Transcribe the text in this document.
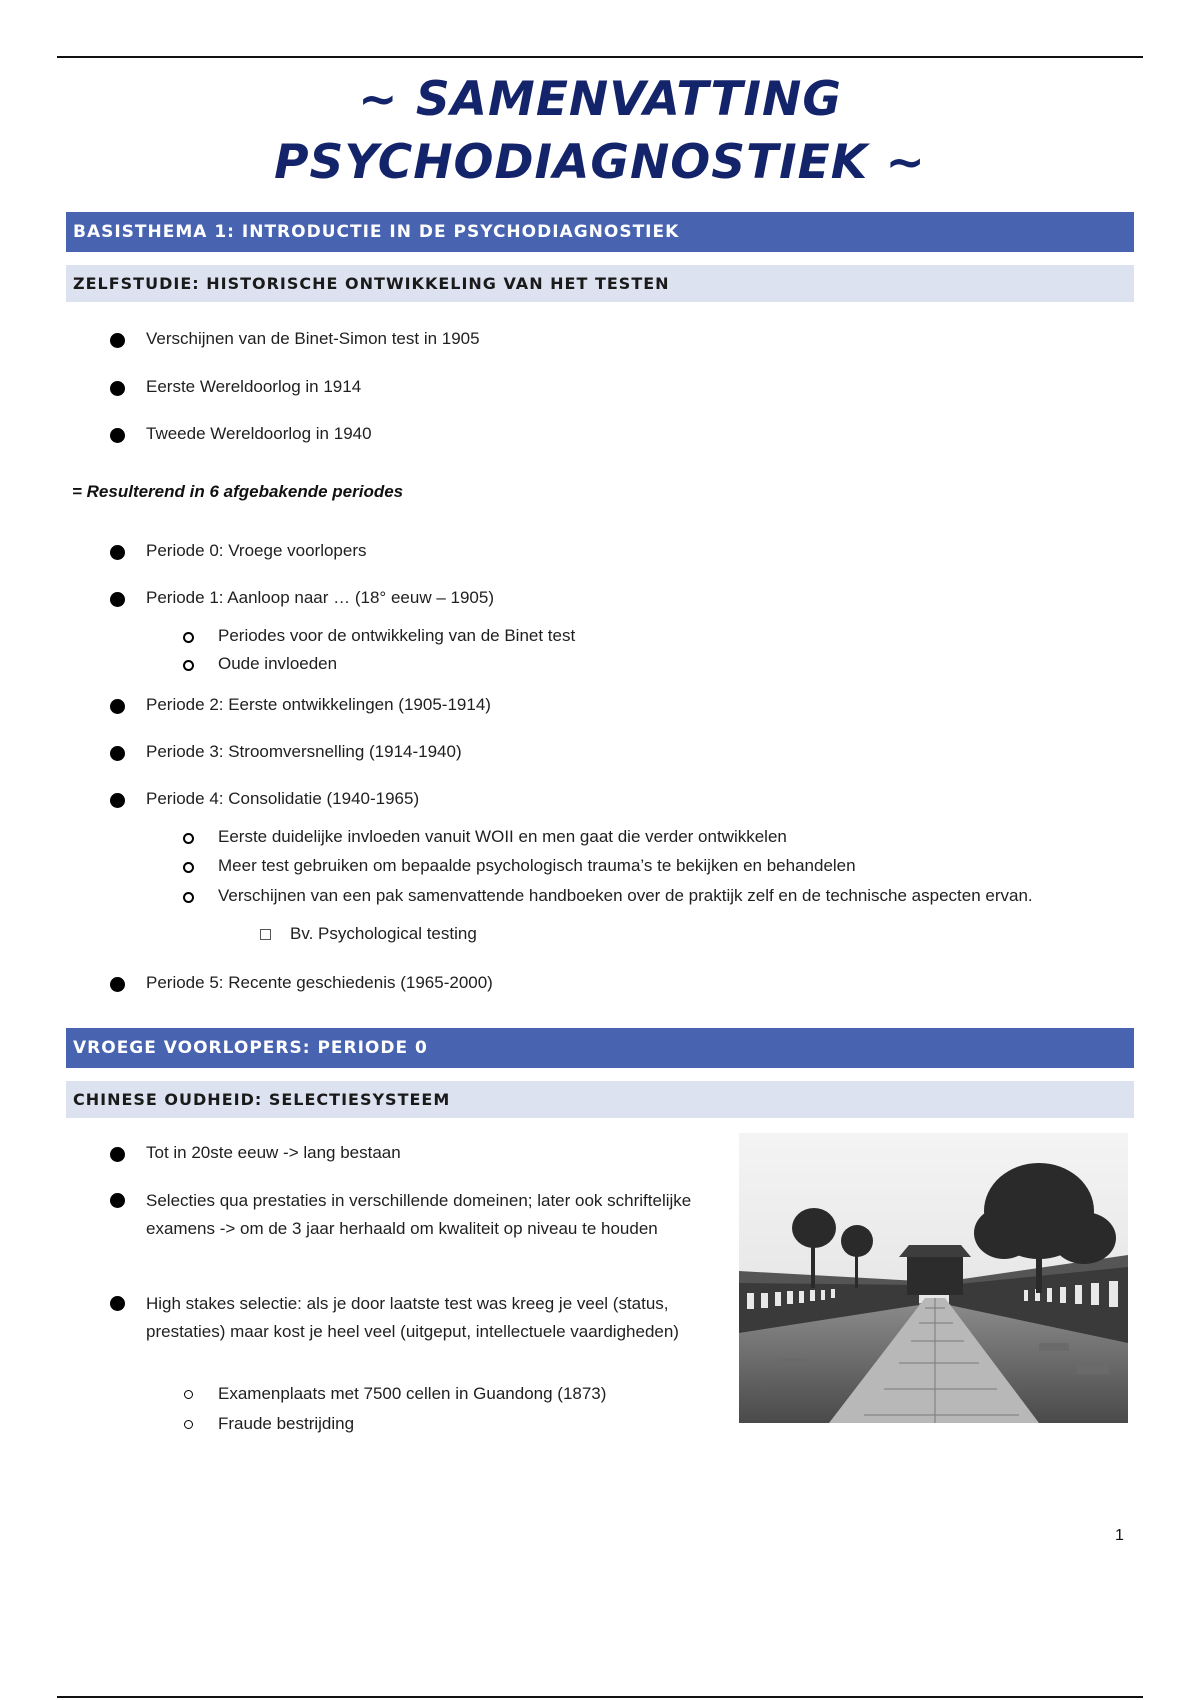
~ SAMENVATTING
PSYCHODIAGNOSTIEK ~
BASISTHEMA 1: INTRODUCTIE IN DE PSYCHODIAGNOSTIEK
ZELFSTUDIE: HISTORISCHE ONTWIKKELING VAN HET TESTEN
Verschijnen van de Binet-Simon test in 1905
Eerste Wereldoorlog in 1914
Tweede Wereldoorlog in 1940
= Resulterend in 6 afgebakende periodes
Periode 0: Vroege voorlopers
Periode 1: Aanloop naar … (18° eeuw – 1905)
Periodes voor de ontwikkeling van de Binet test
Oude invloeden
Periode 2: Eerste ontwikkelingen (1905-1914)
Periode 3: Stroomversnelling (1914-1940)
Periode 4: Consolidatie (1940-1965)
Eerste duidelijke invloeden vanuit WOII en men gaat die verder ontwikkelen
Meer test gebruiken om bepaalde psychologisch trauma’s te bekijken en behandelen
Verschijnen van een pak samenvattende handboeken over de praktijk zelf en de technische aspecten ervan.
Bv. Psychological testing
Periode 5: Recente geschiedenis (1965-2000)
VROEGE VOORLOPERS: PERIODE 0
CHINESE OUDHEID: SELECTIESYSTEEM
Tot in 20ste eeuw -> lang bestaan
Selecties qua prestaties in verschillende domeinen; later ook schriftelijke examens -> om de 3 jaar herhaald om kwaliteit op niveau te houden
High stakes selectie: als je door laatste test was kreeg je veel (status, prestaties) maar kost je heel veel (uitgeput, intellectuele vaardigheden)
Examenplaats met 7500 cellen in Guandong (1873)
Fraude bestrijding
1
